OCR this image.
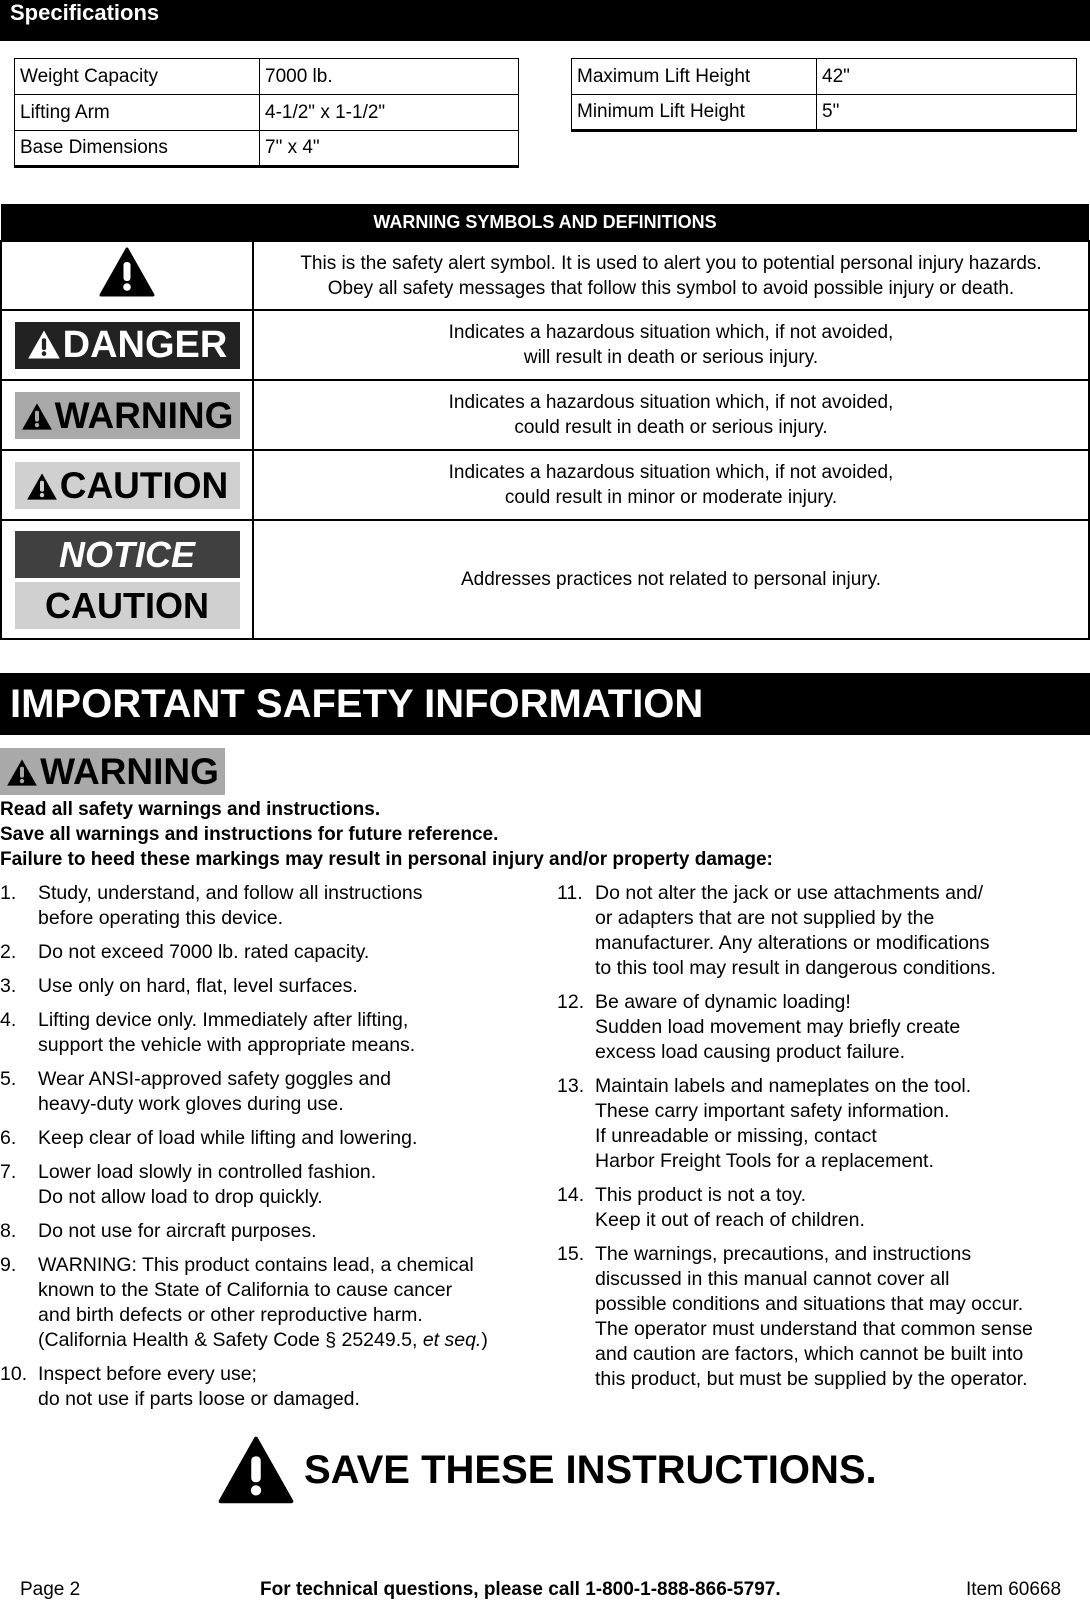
Specifications
Weight Capacity	7000 lb.
Lifting Arm	4-1/2" x 1-1/2"
Base Dimensions	7" x 4"
Maximum Lift Height	42"
Minimum Lift Height	5"
WARNING SYMBOLS AND DEFINITIONS	

This is the safety alert symbol. It is used to alert you to potential personal injury hazards.
Obey all safety messages that follow this symbol to avoid possible injury or death.

DANGER	Indicates a hazardous situation which, if not avoided,
will result in death or serious injury.

WARNING	Indicates a hazardous situation which, if not avoided,
could result in death or serious injury.

CAUTION	Indicates a hazardous situation which, if not avoided,
could result in minor or moderate injury.

NOTICE
CAUTION	Addresses practices not related to personal injury.
IMPORTANT SAFETY INFORMATION
WARNING
Read all safety warnings and instructions.
Save all warnings and instructions for future reference.
Failure to heed these markings may result in personal injury and/or property damage:
1. Study, understand, and follow all instructions
before operating this device.
2. Do not exceed 7000 lb. rated capacity.
3. Use only on hard, flat, level surfaces.
4. Lifting device only. Immediately after lifting,
support the vehicle with appropriate means.
5. Wear ANSI-approved safety goggles and
heavy-duty work gloves during use.
6. Keep clear of load while lifting and lowering.
7. Lower load slowly in controlled fashion.
Do not allow load to drop quickly.
8. Do not use for aircraft purposes.
9. WARNING: This product contains lead, a chemical
known to the State of California to cause cancer
and birth defects or other reproductive harm.
(California Health & Safety Code § 25249.5, et seq.)
10. Inspect before every use;
do not use if parts loose or damaged.
11. Do not alter the jack or use attachments and/
or adapters that are not supplied by the
manufacturer. Any alterations or modifications
to this tool may result in dangerous conditions.
12. Be aware of dynamic loading!
Sudden load movement may briefly create
excess load causing product failure.
13. Maintain labels and nameplates on the tool.
These carry important safety information.
If unreadable or missing, contact
Harbor Freight Tools for a replacement.
14. This product is not a toy.
Keep it out of reach of children.
15. The warnings, precautions, and instructions
discussed in this manual cannot cover all
possible conditions and situations that may occur.
The operator must understand that common sense
and caution are factors, which cannot be built into
this product, but must be supplied by the operator.
SAVE THESE INSTRUCTIONS.
Page 2	For technical questions, please call 1-800-1-888-866-5797.	Item 60668
